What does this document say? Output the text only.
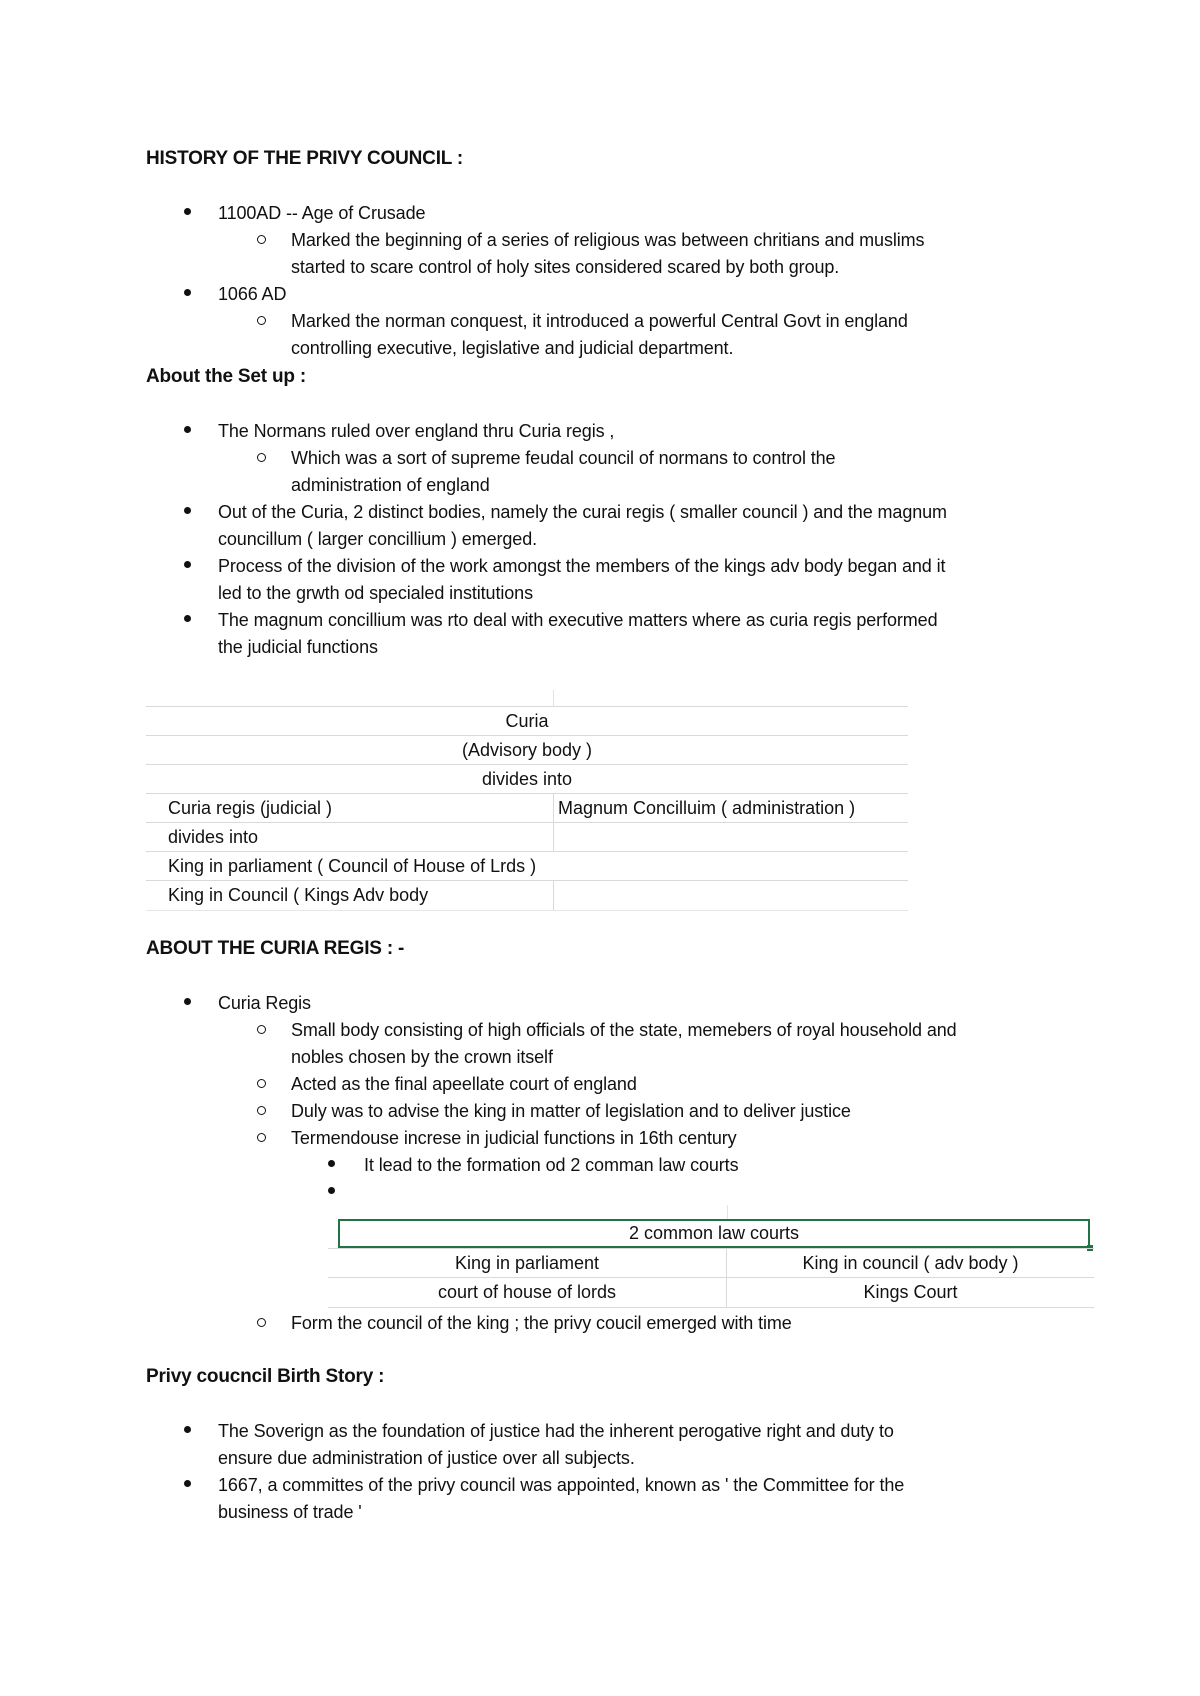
HISTORY OF THE PRIVY COUNCIL :
1100AD -- Age of Crusade
Marked the beginning of a series of religious was between chritians and muslims
started to scare control of holy sites considered scared by both group.
1066 AD
Marked the norman conquest, it introduced a powerful Central Govt in england
controlling executive, legislative and judicial department.
About the Set up :
The Normans ruled over england thru Curia regis ,
Which was a sort of supreme feudal council of normans to control the
administration of england
Out of the Curia, 2 distinct bodies, namely the curai regis ( smaller council ) and the magnum
councillum ( larger concillium ) emerged.
Process of the division of the work amongst the members of the kings adv body began and it
led to the grwth od specialed institutions
The magnum concillium was rto deal with executive matters where as curia regis performed
the judicial functions
Curia
(Advisory body )
divides into
Curia regis (judicial )	Magnum Concilluim ( administration )
divides into
King in parliament ( Council of House of Lrds )
King in Council ( Kings Adv body
ABOUT THE CURIA REGIS : -
Curia Regis
Small body consisting of high officials of the state, memebers of royal household and
nobles chosen by the crown itself
Acted as the final apeellate court of england
Duly was to advise the king in matter of legislation and to deliver justice
Termendouse increse in judicial functions in 16th century
It lead to the formation od 2 comman law courts
2 common law courts
King in parliament	King in council ( adv body )
court of house of lords	Kings Court
Form the council of the king ; the privy coucil emerged with time
Privy coucncil Birth Story :
The Soverign as the foundation of justice had the inherent perogative right and duty to
ensure due administration of justice over all subjects.
1667, a committes of the privy council was appointed, known as ' the Committee for the
business of trade '
